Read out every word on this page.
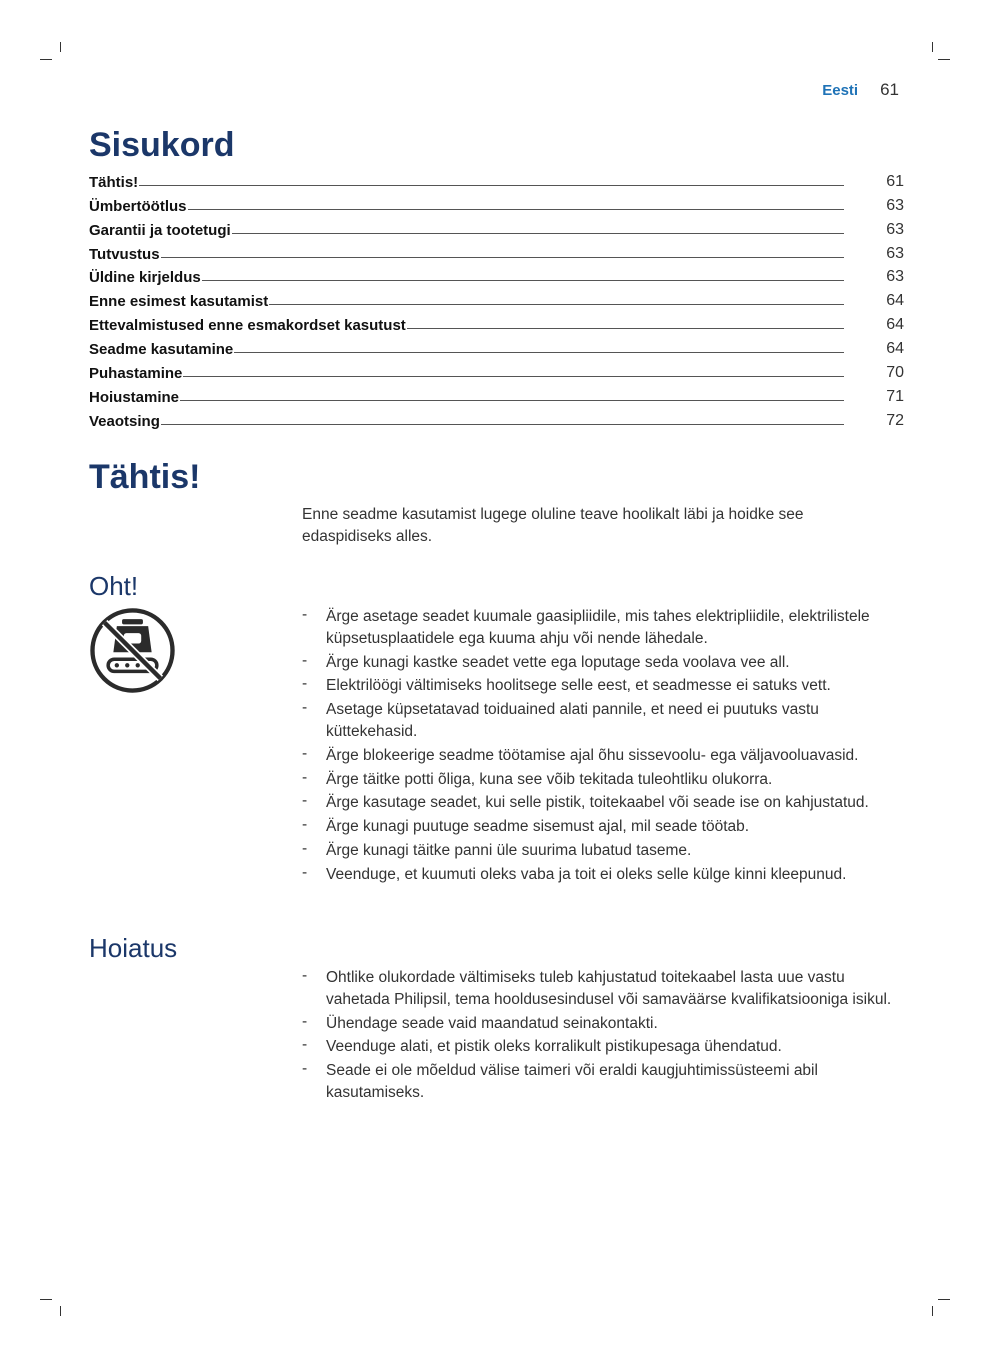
Eesti 61
Sisukord
Tähtis!	61
Ümbertöötlus	63
Garantii ja tootetugi	63
Tutvustus	63
Üldine kirjeldus	63
Enne esimest kasutamist	64
Ettevalmistused enne esmakordset kasutust	64
Seadme kasutamine	64
Puhastamine	70
Hoiustamine	71
Veaotsing	72
Tähtis!

Enne seadme kasutamist lugege oluline teave hoolikalt läbi ja hoidke see edaspidiseks alles.

Oht!
- Ärge asetage seadet kuumale gaasipliidile, mis tahes elektripliidile, elektrilistele küpsetusplaatidele ega kuuma ahju või nende lähedale.
- Ärge kunagi kastke seadet vette ega loputage seda voolava vee all.
- Elektrilöögi vältimiseks hoolitsege selle eest, et seadmesse ei satuks vett.
- Asetage küpsetatavad toiduained alati pannile, et need ei puutuks vastu küttekehasid.
- Ärge blokeerige seadme töötamise ajal õhu sissevoolu- ega väljavooluavasid.
- Ärge täitke potti õliga, kuna see võib tekitada tuleohtliku olukorra.
- Ärge kasutage seadet, kui selle pistik, toitekaabel või seade ise on kahjustatud.
- Ärge kunagi puutuge seadme sisemust ajal, mil seade töötab.
- Ärge kunagi täitke panni üle suurima lubatud taseme.
- Veenduge, et kuumuti oleks vaba ja toit ei oleks selle külge kinni kleepunud.
Hoiatus
- Ohtlike olukordade vältimiseks tuleb kahjustatud toitekaabel lasta uue vastu vahetada Philipsil, tema hooldusesindusel või samaväärse kvalifikatsiooniga isikul.
- Ühendage seade vaid maandatud seinakontakti.
- Veenduge alati, et pistik oleks korralikult pistikupesaga ühendatud.
- Seade ei ole mõeldud välise taimeri või eraldi kaugjuhtimissüsteemi abil kasutamiseks.
